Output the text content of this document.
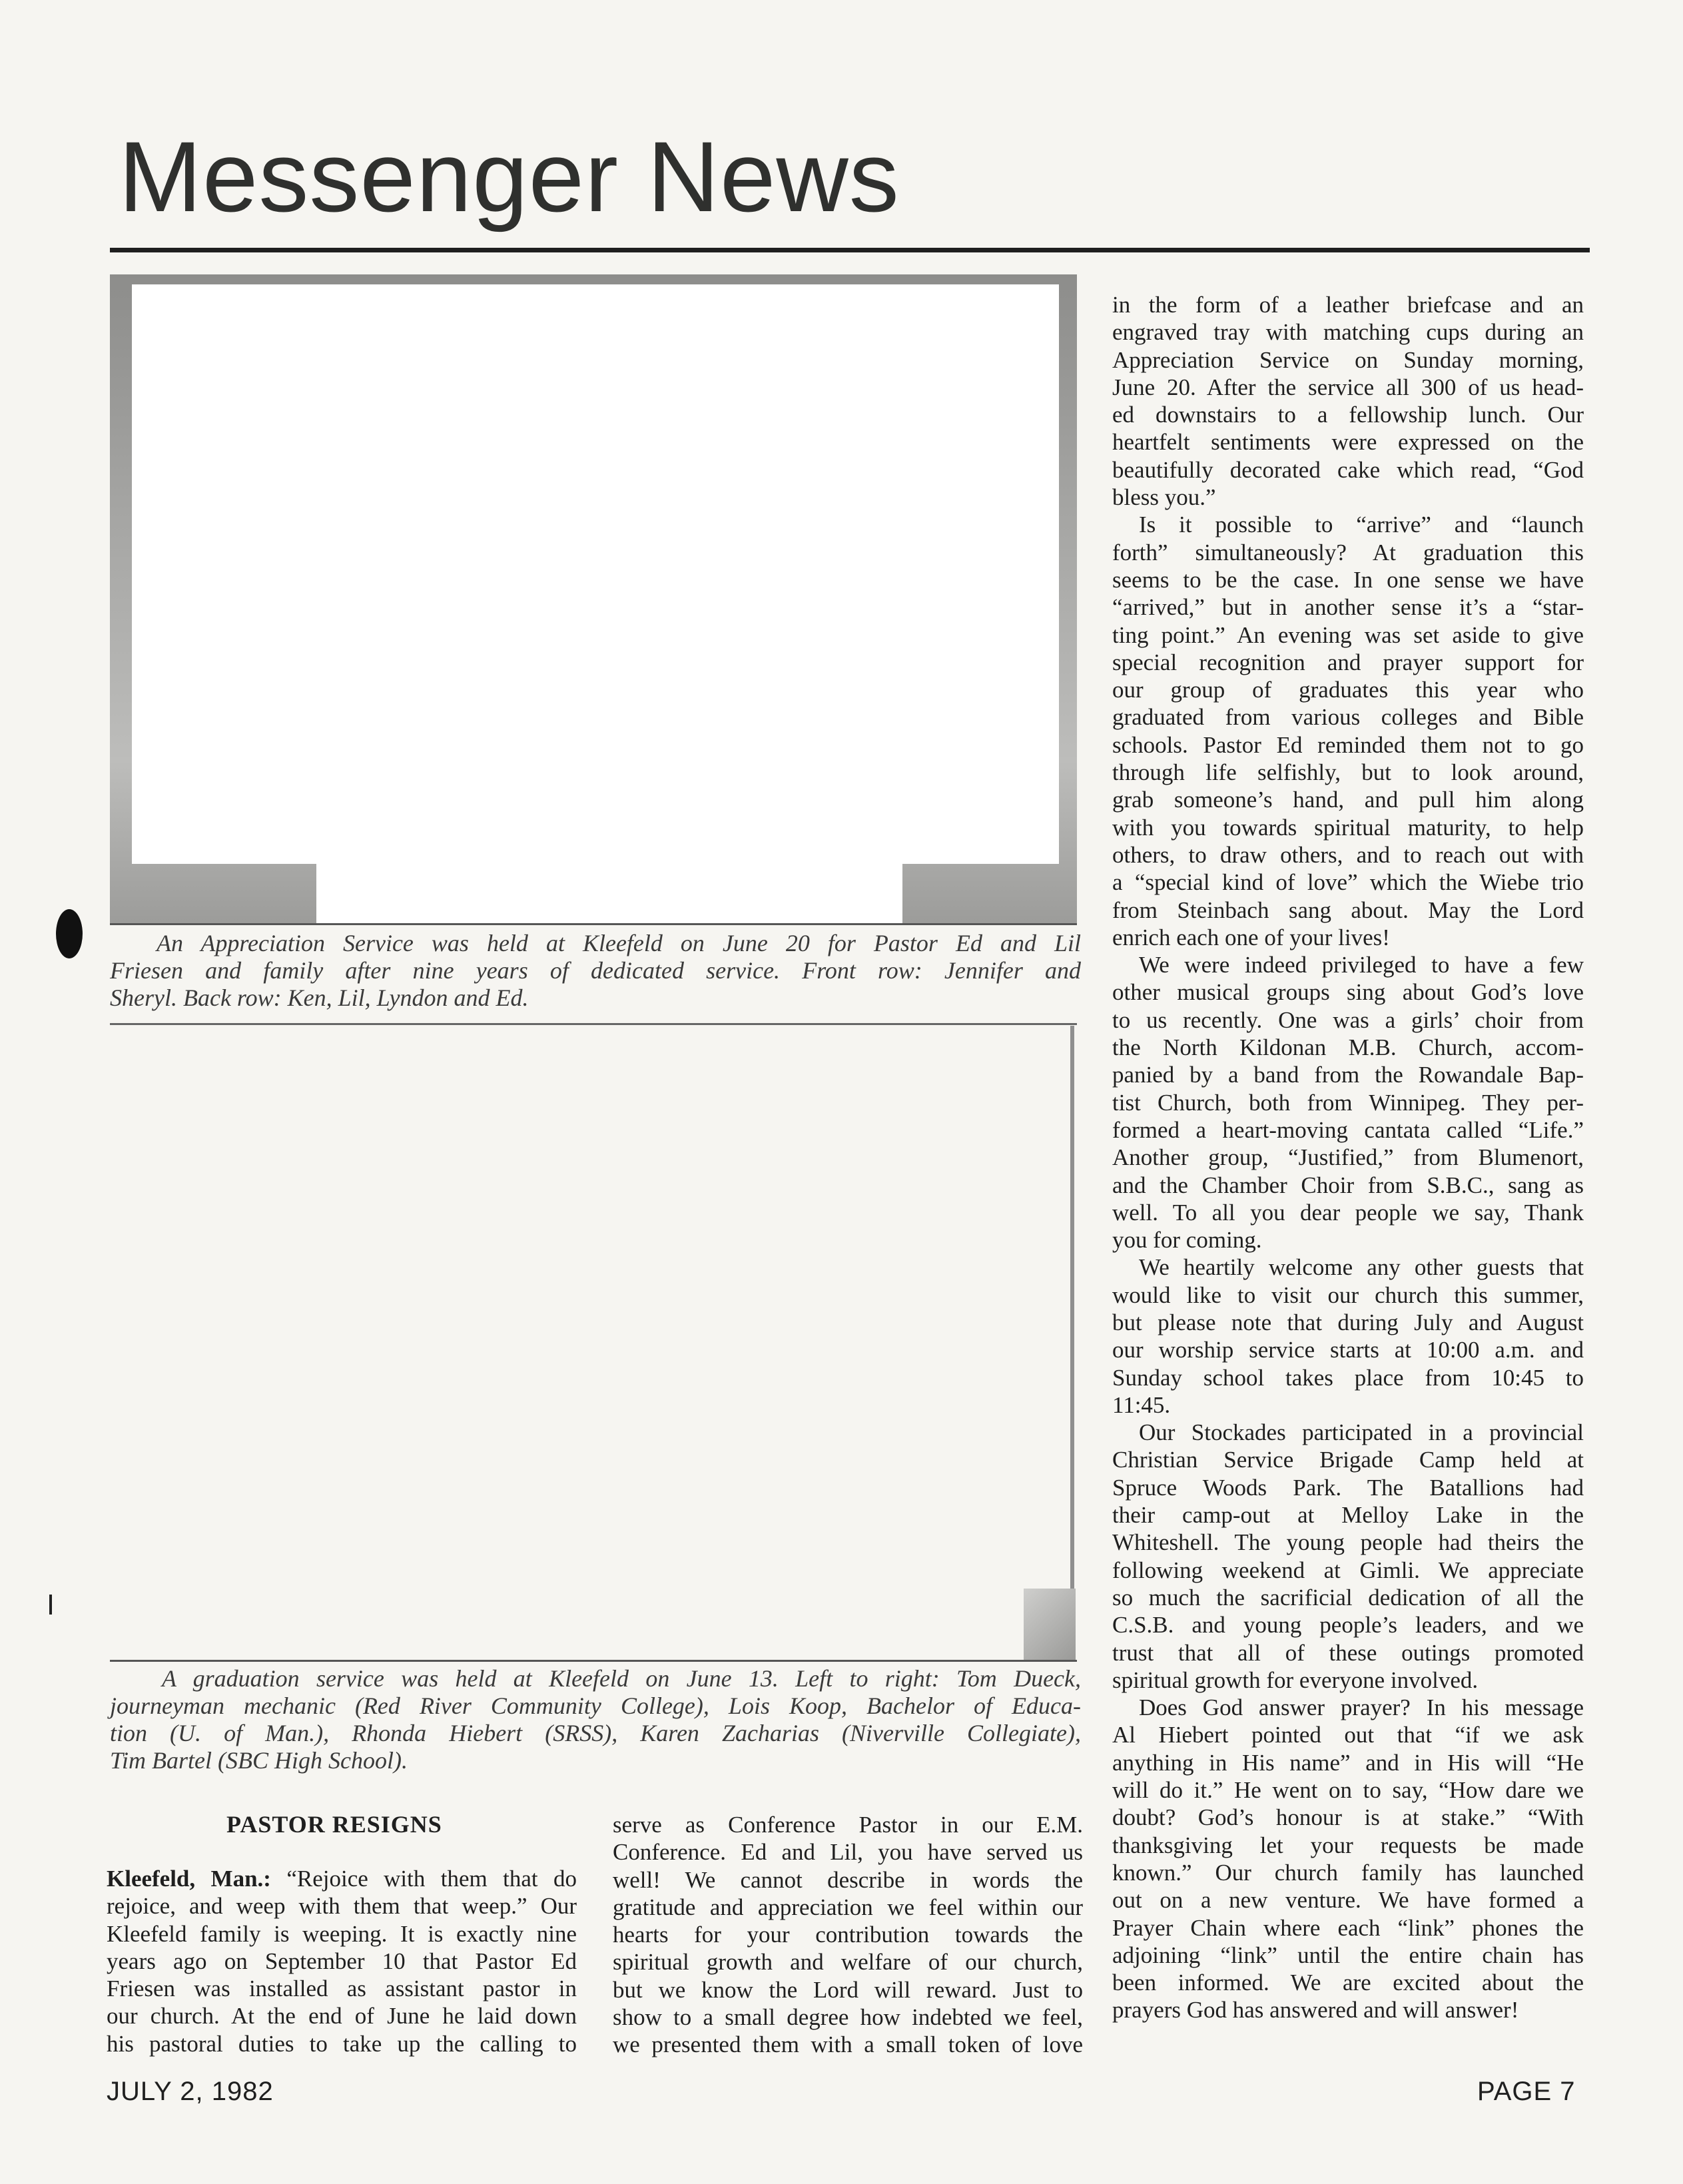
Messenger News
An Appreciation Service was held at Kleefeld on June 20 for Pastor Ed and Lil
Friesen and family after nine years of dedicated service. Front row: Jennifer and
Sheryl. Back row: Ken, Lil, Lyndon and Ed.
A graduation service was held at Kleefeld on June 13. Left to right: Tom Dueck,
journeyman mechanic (Red River Community College), Lois Koop, Bachelor of Educa-
tion (U. of Man.), Rhonda Hiebert (SRSS), Karen Zacharias (Niverville Collegiate),
Tim Bartel (SBC High School).
PASTOR RESIGNS
Kleefeld, Man.: “Rejoice with them that do
rejoice, and weep with them that weep.” Our
Kleefeld family is weeping. It is exactly nine
years ago on September 10 that Pastor Ed
Friesen was installed as assistant pastor in
our church. At the end of June he laid down
his pastoral duties to take up the calling to
serve as Conference Pastor in our E.M.
Conference. Ed and Lil, you have served us
well! We cannot describe in words the
gratitude and appreciation we feel within our
hearts for your contribution towards the
spiritual growth and welfare of our church,
but we know the Lord will reward. Just to
show to a small degree how indebted we feel,
we presented them with a small token of love
in the form of a leather briefcase and an
engraved tray with matching cups during an
Appreciation Service on Sunday morning,
June 20. After the service all 300 of us head-
ed downstairs to a fellowship lunch. Our
heartfelt sentiments were expressed on the
beautifully decorated cake which read, “God
bless you.”
Is it possible to “arrive” and “launch
forth” simultaneously? At graduation this
seems to be the case. In one sense we have
“arrived,” but in another sense it’s a “star-
ting point.” An evening was set aside to give
special recognition and prayer support for
our group of graduates this year who
graduated from various colleges and Bible
schools. Pastor Ed reminded them not to go
through life selfishly, but to look around,
grab someone’s hand, and pull him along
with you towards spiritual maturity, to help
others, to draw others, and to reach out with
a “special kind of love” which the Wiebe trio
from Steinbach sang about. May the Lord
enrich each one of your lives!
We were indeed privileged to have a few
other musical groups sing about God’s love
to us recently. One was a girls’ choir from
the North Kildonan M.B. Church, accom-
panied by a band from the Rowandale Bap-
tist Church, both from Winnipeg. They per-
formed a heart-moving cantata called “Life.”
Another group, “Justified,” from Blumenort,
and the Chamber Choir from S.B.C., sang as
well. To all you dear people we say, Thank
you for coming.
We heartily welcome any other guests that
would like to visit our church this summer,
but please note that during July and August
our worship service starts at 10:00 a.m. and
Sunday school takes place from 10:45 to
11:45.
Our Stockades participated in a provincial
Christian Service Brigade Camp held at
Spruce Woods Park. The Batallions had
their camp-out at Melloy Lake in the
Whiteshell. The young people had theirs the
following weekend at Gimli. We appreciate
so much the sacrificial dedication of all the
C.S.B. and young people’s leaders, and we
trust that all of these outings promoted
spiritual growth for everyone involved.
Does God answer prayer? In his message
Al Hiebert pointed out that “if we ask
anything in His name” and in His will “He
will do it.” He went on to say, “How dare we
doubt? God’s honour is at stake.” “With
thanksgiving let your requests be made
known.” Our church family has launched
out on a new venture. We have formed a
Prayer Chain where each “link” phones the
adjoining “link” until the entire chain has
been informed. We are excited about the
prayers God has answered and will answer!
JULY 2, 1982	PAGE 7
